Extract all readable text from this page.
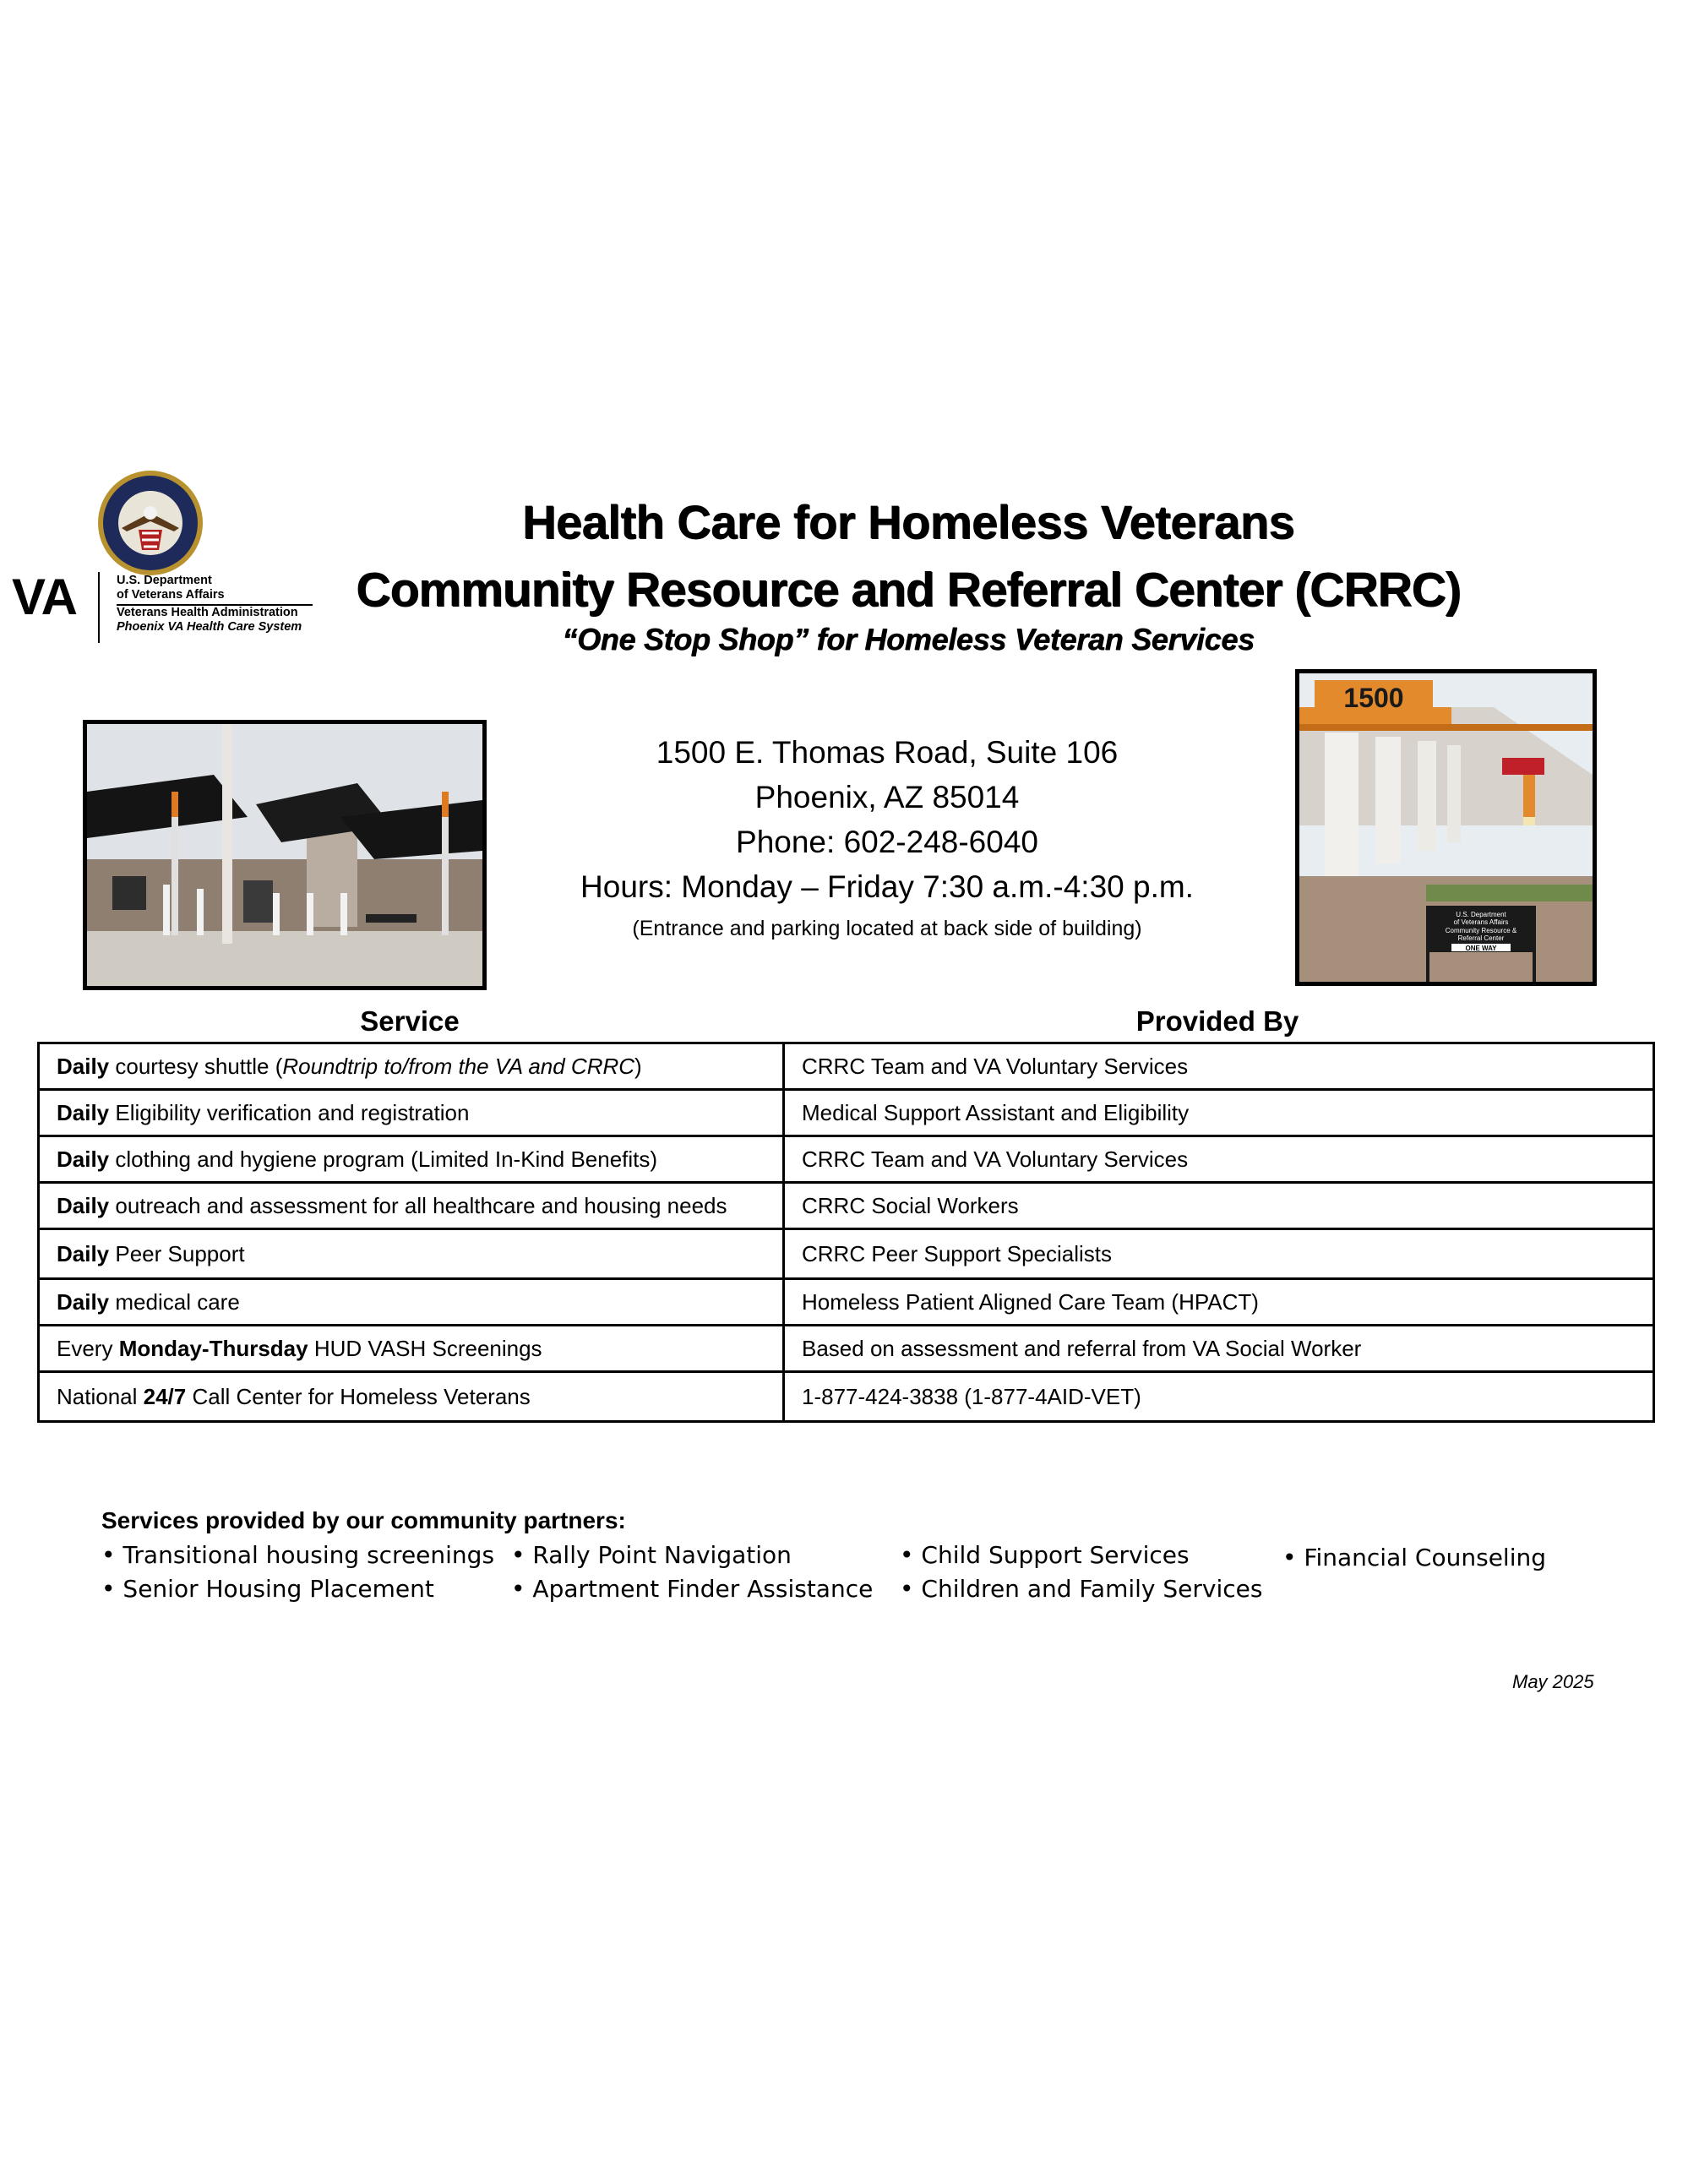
VA	U.S. Department
of Veterans Affairs
Veterans Health Administration
Phoenix VA Health Care System
Health Care for Homeless Veterans
Community Resource and Referral Center (CRRC)
“One Stop Shop” for Homeless Veteran Services
1500
U.S. Department
of Veterans Affairs
Community Resource &
Referral Center
ONE WAY
1500 E. Thomas Road, Suite 106
Phoenix, AZ 85014
Phone: 602-248-6040
Hours: Monday – Friday 7:30 a.m.-4:30 p.m.
(Entrance and parking located at back side of building)
Service	Provided By
Daily courtesy shuttle (Roundtrip to/from the VA and CRRC)	CRRC Team and VA Voluntary Services
Daily Eligibility verification and registration	Medical Support Assistant and Eligibility
Daily clothing and hygiene program (Limited In-Kind Benefits)	CRRC Team and VA Voluntary Services
Daily outreach and assessment for all healthcare and housing needs	CRRC Social Workers
Daily Peer Support	CRRC Peer Support Specialists
Daily medical care	Homeless Patient Aligned Care Team (HPACT)
Every Monday-Thursday HUD VASH Screenings	Based on assessment and referral from VA Social Worker
National 24/7 Call Center for Homeless Veterans	1-877-424-3838 (1-877-4AID-VET)
Services provided by our community partners:
• Transitional housing screenings • Rally Point Navigation	• Child Support Services	• Financial Counseling
• Senior Housing Placement	• Apartment Finder Assistance • Children and Family Services
May 2025
